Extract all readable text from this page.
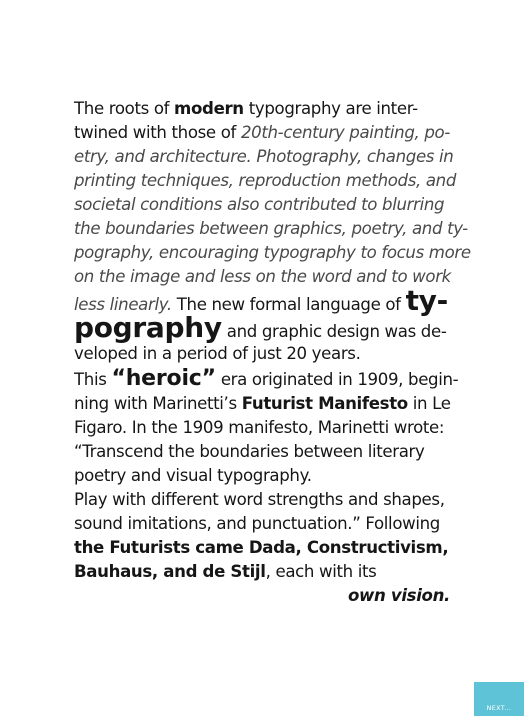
The roots of modern typography are inter-
twined with those of 20th-century painting, po-
etry, and architecture. Photography, changes in
printing techniques, reproduction methods, and
societal conditions also contributed to blurring
the boundaries between graphics, poetry, and ty-
pography, encouraging typography to focus more
on the image and less on the word and to work
less linearly. The new formal language of ty-
pography and graphic design was de-
veloped in a period of just 20 years.
This “heroic” era originated in 1909, begin-
ning with Marinetti’s Futurist Manifesto in Le
Figaro. In the 1909 manifesto, Marinetti wrote:
“Transcend the boundaries between literary
poetry and visual typography.
Play with different word strengths and shapes,
sound imitations, and punctuation.” Following
the Futurists came Dada, Constructivism,
Bauhaus, and de Stijl, each with its
own vision.
NEXT...
